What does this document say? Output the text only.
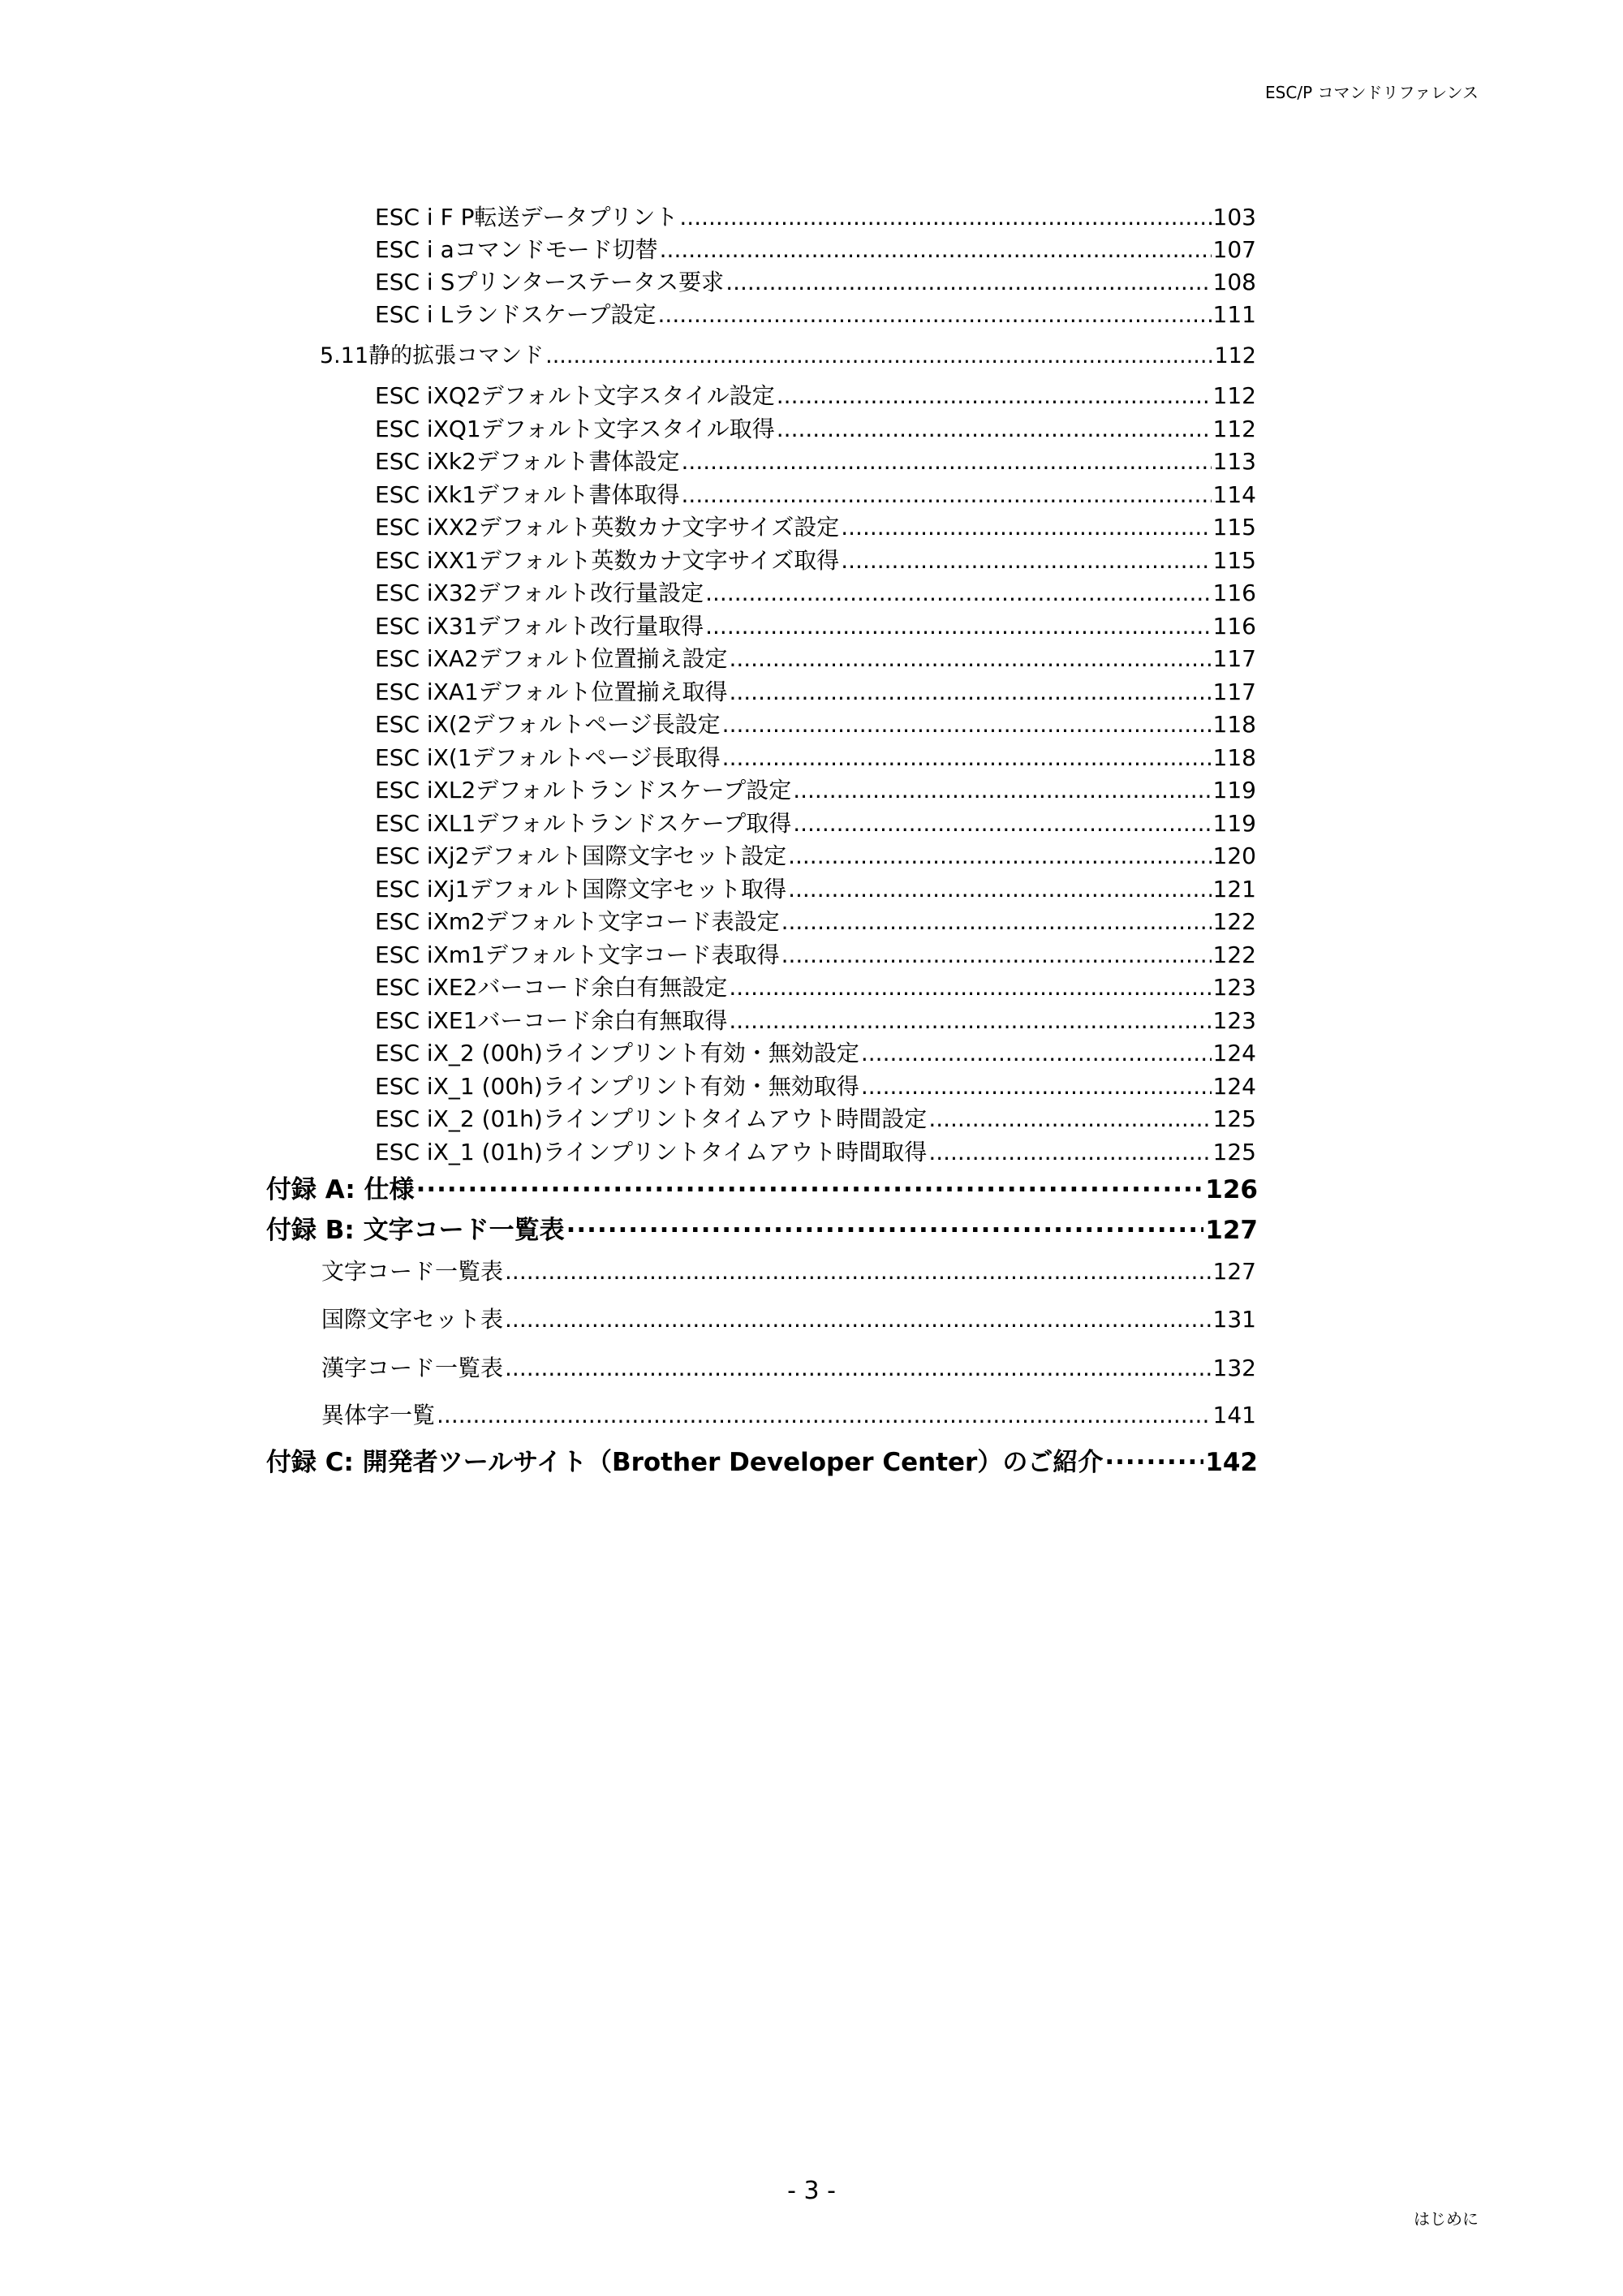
ESC/P コマンドリファレンス
ESC i F P 転送データプリント .....	103
ESC i a コマンドモード切替 .....	107
ESC i S プリンターステータス要求 .....	108
ESC i L ランドスケープ設定 .....	111
5.11 静的拡張コマンド .....	112
ESC iXQ2 デフォルト文字スタイル設定 .....	112
ESC iXQ1 デフォルト文字スタイル取得 .....	112
ESC iXk2 デフォルト書体設定 .....	113
ESC iXk1 デフォルト書体取得 .....	114
ESC iXX2 デフォルト英数カナ文字サイズ設定 .....	115
ESC iXX1 デフォルト英数カナ文字サイズ取得 .....	115
ESC iX32 デフォルト改行量設定 .....	116
ESC iX31 デフォルト改行量取得 .....	116
ESC iXA2 デフォルト位置揃え設定 .....	117
ESC iXA1 デフォルト位置揃え取得 .....	117
ESC iX(2 デフォルトページ長設定 .....	118
ESC iX(1 デフォルトページ長取得 .....	118
ESC iXL2 デフォルトランドスケープ設定 .....	119
ESC iXL1 デフォルトランドスケープ取得 .....	119
ESC iXj2 デフォルト国際文字セット設定 .....	120
ESC iXj1 デフォルト国際文字セット取得 .....	121
ESC iXm2 デフォルト文字コード表設定 .....	122
ESC iXm1 デフォルト文字コード表取得 .....	122
ESC iXE2 バーコード余白有無設定 .....	123
ESC iXE1 バーコード余白有無取得 .....	123
ESC iX_2 (00h) ラインプリント有効・無効設定 .....	124
ESC iX_1 (00h) ラインプリント有効・無効取得 .....	124
ESC iX_2 (01h) ラインプリントタイムアウト時間設定 .....	125
ESC iX_1 (01h) ラインプリントタイムアウト時間取得 .....	125
付録 A: 仕様 ·····	126
付録 B: 文字コード一覧表 ·····	127
文字コード一覧表 .....	127
国際文字セット表 .....	131
漢字コード一覧表 .....	132
異体字一覧 .....	141
付録 C: 開発者ツールサイト（Brother Developer Center）のご紹介 ·····	142
- 3 -
はじめに
